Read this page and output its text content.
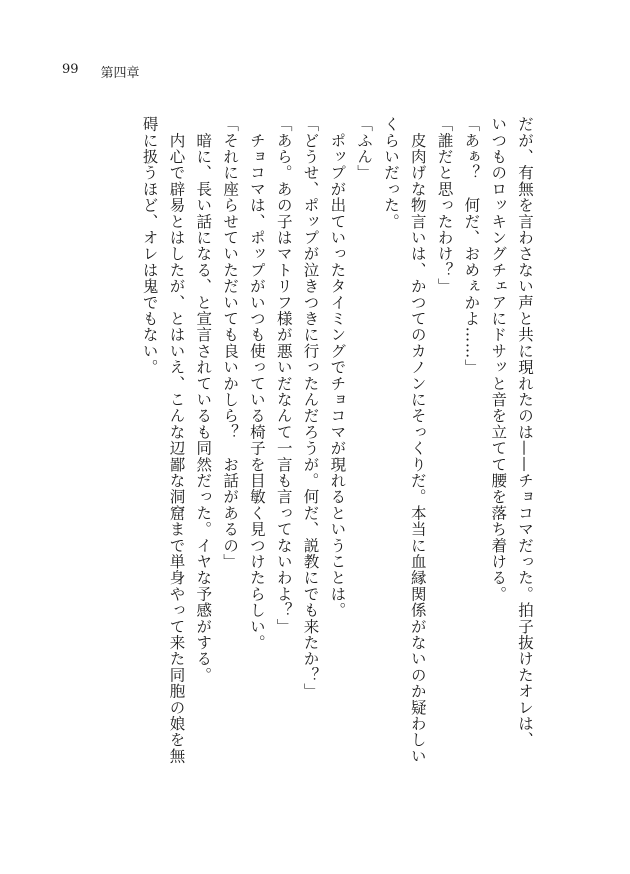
99 第四章

だが、有無を言わさない声と共に現れたのは——チョコマだった。拍子抜けたオレは、

いつものロッキングチェアにドサッと音を立てて腰を落ち着ける。

「あぁ？　何だ、おめぇかよ……」

「誰だと思ったわけ？」

　皮肉げな物言いは、かつてのカノンにそっくりだ。本当に血縁関係がないのか疑わしい

くらいだった。

「ふん」

　ポップが出ていったタイミングでチョコマが現れるということは。

「どうせ、ポップが泣きつきに行ったんだろうが。何だ、説教にでも来たか？」

「あら。あの子はマトリフ様が悪いだなんて一言も言ってないわよ？」

　チョコマは、ポップがいつも使っている椅子を目敏く見つけたらしい。

「それに座らせていただいても良いかしら？　お話があるの」

　暗に、長い話になる、と宣言されているも同然だった。イヤな予感がする。

　内心で辟易とはしたが、とはいえ、こんな辺鄙な洞窟まで単身やって来た同胞の娘を無

碍に扱うほど、オレは鬼でもない。
